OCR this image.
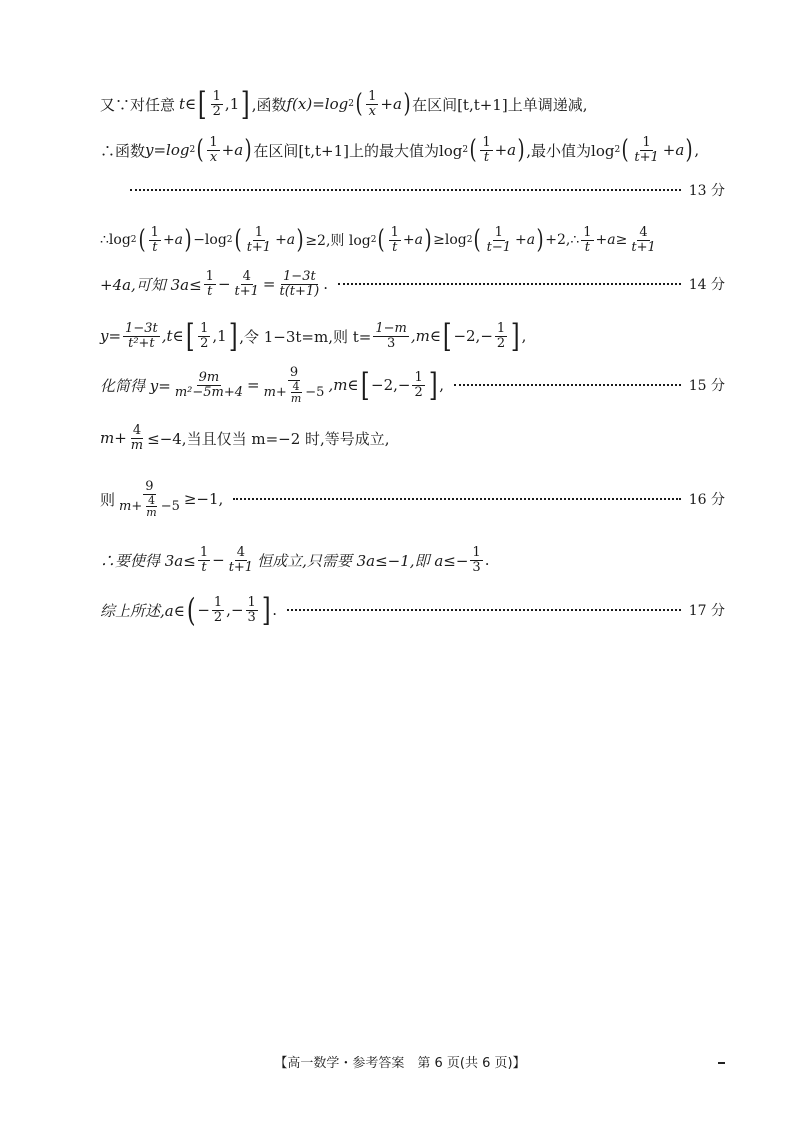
又∵对任意 t∈ [ $\frac{1}{2} ,1$ ] ,函数 f(x)=log 2 ( $\frac{1}{x} +a$ ) 在区间[t,t+1]上单调递减,
∴函数 y=log 2 ( $\frac{1}{x} +a$ ) 在区间[t,t+1]上的最大值为log 2 ( $\frac{1}{t} +a$ ) ,最小值为log 2 ( $\frac{1}{t+1} +a$ ) ,
13 分
∴log 2 ( $\frac{1}{t} +a$ ) −log 2 ( $\frac{1}{t+1} +a$ ) ≥2,则 log 2 ( $\frac{1}{t} +a$ ) ≥log 2 ( $\frac{1}{t-1} +a$ ) +2,∴ $\frac{1}{t} +a\ge \frac{4}{t+1}$
+4a,可知 $3a\le \frac{1}{t} - \frac{4}{t+1} = \frac{1-3t}{t(t+1)}$ .	14 分
$y= \frac{1-3t}{\text{t²+t}}$ ,t∈ [ $\frac{1}{2} ,1$ ] ,令 1−3t=m,则 $t= \frac{1-m}{3}$ ,m∈ [ $-2,- \frac{1}{2}$ ] ,
化简得 $y= \frac{9m}{\text{m²−5m+4}} = \frac{9}{m+ \frac{4}{m} -5}$ ,m∈ [ $-2,- \frac{1}{2}$ ] ,	15 分
$m+ \frac{4}{m} \le-4$,当且仅当 m=−2 时,等号成立,
则 $\frac{9}{m+ \frac{4}{m} -5} \ge-1$,	16 分
∴要使得 $3a\le \frac{1}{t} - \frac{4}{t+1}$ 恒成立,只需要 3a≤−1,即 $a\le- \frac{1}{3}$ .
综上所述,a∈ ( − $\frac{1}{2}$ ,− $\frac{1}{3}$ ] .	17 分
【高一数学・参考答案　第 6 页(共 6 页)】
